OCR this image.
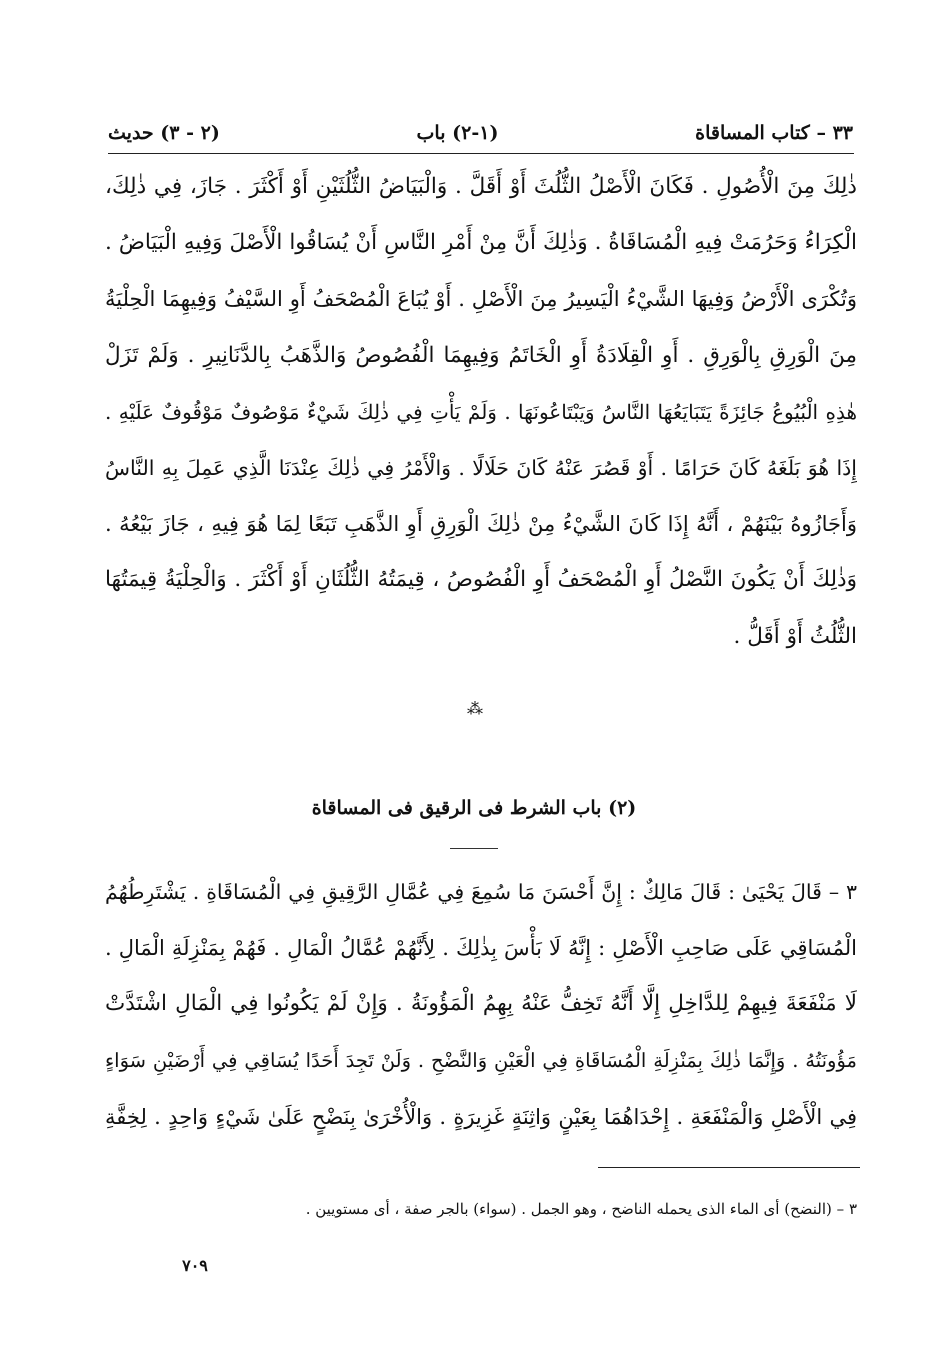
٣٣ – كتاب المساقاة
(١-٢) باب
(٢ - ٣) حديث
ذٰلِكَ مِنَ الْأُصُولِ . فَكَانَ الْأَصْلُ الثُّلُثَ أَوْ أَقَلَّ . وَالْبَيَاضُ الثُّلُثَيْنِ أَوْ أَكْثَرَ . جَازَ، فِي ذٰلِكَ،
الْكِرَاءُ وَحَرُمَتْ فِيهِ الْمُسَاقَاةُ . وَذٰلِكَ أَنَّ مِنْ أَمْرِ النَّاسِ أَنْ يُسَاقُوا الْأَصْلَ وَفِيهِ الْبَيَاضُ .
وَتُكْرَى الْأَرْضُ وَفِيهَا الشَّيْءُ الْيَسِيرُ مِنَ الْأَصْلِ . أَوْ يُبَاعَ الْمُصْحَفُ أَوِ السَّيْفُ وَفِيهِمَا الْحِلْيَةُ
مِنَ الْوَرِقِ بِالْوَرِقِ . أَوِ الْقِلَادَةُ أَوِ الْخَاتَمُ وَفِيهِمَا الْفُصُوصُ وَالذَّهَبُ بِالدَّنَانِيرِ . وَلَمْ تَزَلْ
هٰذِهِ الْبُيُوعُ جَائِزَةً يَتَبَايَعُهَا النَّاسُ وَيَبْتَاعُونَهَا . وَلَمْ يَأْتِ فِي ذٰلِكَ شَيْءٌ مَوْصُوفٌ مَوْقُوفٌ عَلَيْهِ .
إِذَا هُوَ بَلَغَهُ كَانَ حَرَامًا . أَوْ قَصُرَ عَنْهُ كَانَ حَلَالًا . وَالْأَمْرُ فِي ذٰلِكَ عِنْدَنَا الَّذِي عَمِلَ بِهِ النَّاسُ
وَأَجَازُوهُ بَيْنَهُمْ ، أَنَّهُ إِذَا كَانَ الشَّيْءُ مِنْ ذٰلِكَ الْوَرِقِ أَوِ الذَّهَبِ تَبَعًا لِمَا هُوَ فِيهِ ، جَازَ بَيْعُهُ .
وَذٰلِكَ أَنْ يَكُونَ النَّصْلُ أَوِ الْمُصْحَفُ أَوِ الْفُصُوصُ ، قِيمَتُهُ الثُّلُثَانِ أَوْ أَكْثَرَ . وَالْحِلْيَةُ قِيمَتُهَا
الثُّلُثُ أَوْ أَقَلُّ .
⁂
(٢) باب الشرط فى الرقيق فى المساقاة
٣ – قَالَ يَحْيَىٰ : قَالَ مَالِكٌ : إِنَّ أَحْسَنَ مَا سُمِعَ فِي عُمَّالِ الرَّقِيقِ فِي الْمُسَاقَاةِ . يَشْتَرِطُهُمُ
الْمُسَاقِي عَلَى صَاحِبِ الْأَصْلِ : إِنَّهُ لَا بَأْسَ بِذٰلِكَ . لِأَنَّهُمْ عُمَّالُ الْمَالِ . فَهُمْ بِمَنْزِلَةِ الْمَالِ .
لَا مَنْفَعَةَ فِيهِمْ لِلدَّاخِلِ إِلَّا أَنَّهُ تَخِفُّ عَنْهُ بِهِمُ الْمَؤُونَةُ . وَإِنْ لَمْ يَكُونُوا فِي الْمَالِ اشْتَدَّتْ
مَؤُونَتُهُ . وَإِنَّمَا ذٰلِكَ بِمَنْزِلَةِ الْمُسَاقَاةِ فِي الْعَيْنِ وَالنَّضْحِ . وَلَنْ تَجِدَ أَحَدًا يُسَاقِي فِي أَرْضَيْنِ سَوَاءٍ
فِي الْأَصْلِ وَالْمَنْفَعَةِ . إِحْدَاهُمَا بِعَيْنٍ وَاثِنَةٍ غَزِيرَةٍ . وَالْأُخْرَىٰ بِنَضْحٍ عَلَىٰ شَيْءٍ وَاحِدٍ . لِخِفَّةِ
٣ – (النضح) أى الماء الذى يحمله الناضح ، وهو الجمل . (سواء) بالجر صفة ، أى مستويين .
٧٠٩
